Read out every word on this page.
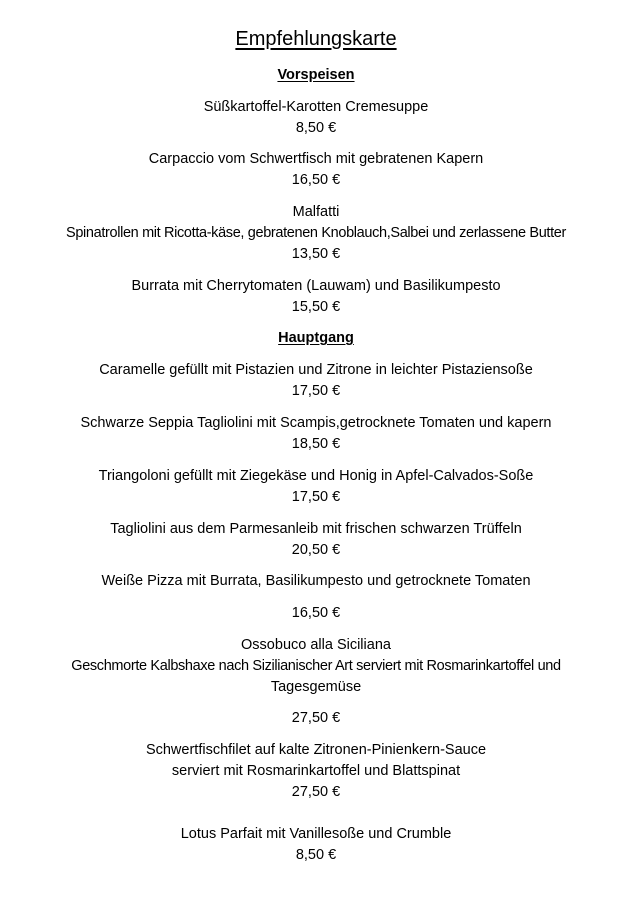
Empfehlungskarte
Vorspeisen
Süßkartoffel-Karotten Cremesuppe
8,50 €
Carpaccio vom Schwertfisch mit gebratenen Kapern
16,50 €
Malfatti
Spinatrollen mit Ricotta-käse, gebratenen Knoblauch,Salbei und zerlassene Butter
13,50 €
Burrata mit Cherrytomaten (Lauwam) und Basilikumpesto
15,50 €
Hauptgang
Caramelle gefüllt mit Pistazien und Zitrone in leichter Pistaziensoße
17,50 €
Schwarze Seppia Tagliolini mit Scampis,getrocknete Tomaten und kapern
18,50 €
Triangoloni gefüllt mit Ziegekäse und Honig in Apfel-Calvados-Soße
17,50 €
Tagliolini aus dem Parmesanleib mit frischen schwarzen Trüffeln
20,50 €
Weiße Pizza mit Burrata, Basilikumpesto und getrocknete Tomaten
16,50 €
Ossobuco alla Siciliana
Geschmorte Kalbshaxe nach Sizilianischer Art serviert mit Rosmarinkartoffel und
Tagesgemüse
27,50 €
Schwertfischfilet auf kalte Zitronen-Pinienkern-Sauce
serviert mit Rosmarinkartoffel und Blattspinat
27,50 €
Lotus Parfait mit Vanillesoße und Crumble
8,50 €
